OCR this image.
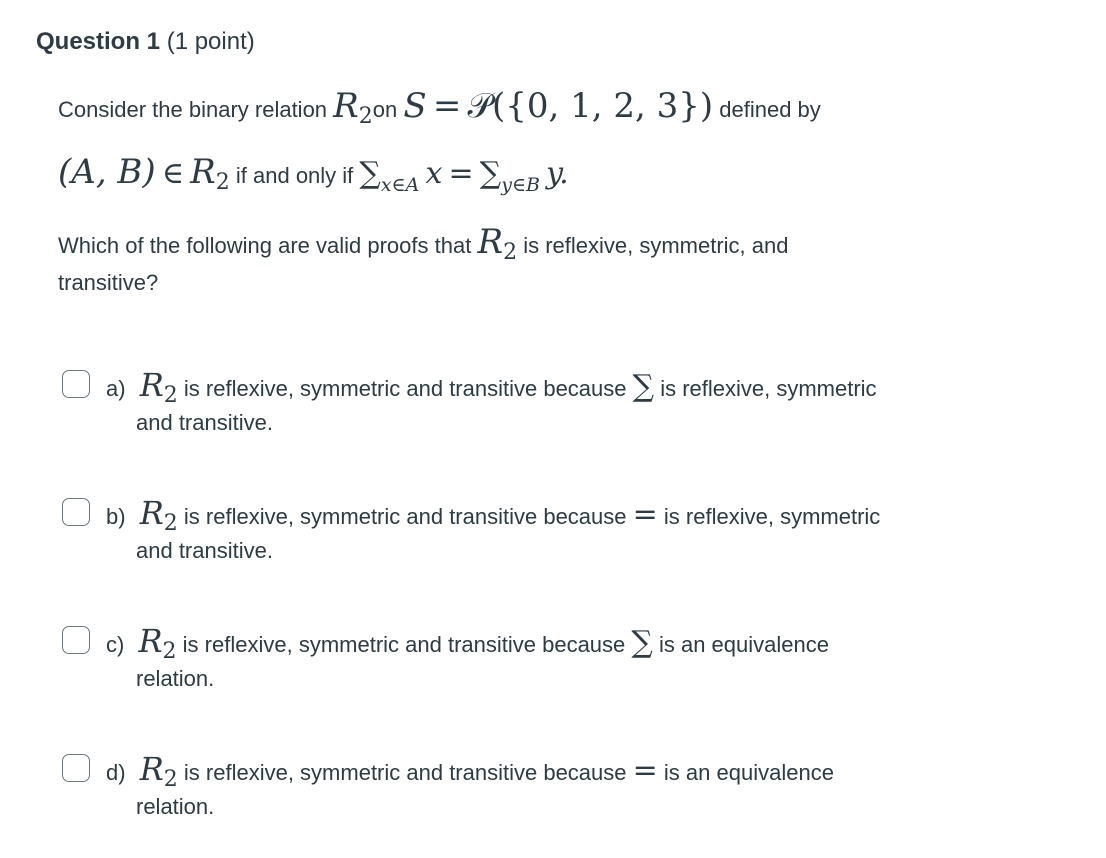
Question 1 (1 point)
Consider the binary relation R2on S = 𝒫({0, 1, 2, 3}) defined by
(A, B) ∈ R2 if and only if ∑x∈A x = ∑y∈B y.
Which of the following are valid proofs that R2 is reflexive, symmetric, and
transitive?
a) R2 is reflexive, symmetric and transitive because ∑ is reflexive, symmetric
and transitive.
b) R2 is reflexive, symmetric and transitive because = is reflexive, symmetric
and transitive.
c) R2 is reflexive, symmetric and transitive because ∑ is an equivalence
relation.
d) R2 is reflexive, symmetric and transitive because = is an equivalence
relation.
